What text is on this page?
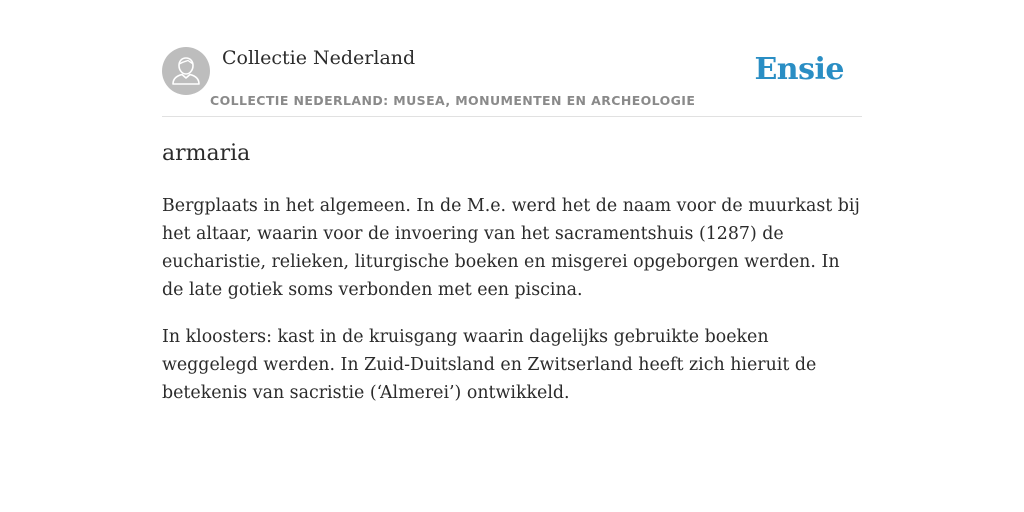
Collectie Nederland
COLLECTIE NEDERLAND: MUSEA, MONUMENTEN EN ARCHEOLOGIE
Ensie
armaria

Bergplaats in het algemeen. In de M.e. werd het de naam voor de muurkast bij het altaar, waarin voor de invoering van het sacramentshuis (1287) de eucharistie, relieken, liturgische boeken en misgerei opgeborgen werden. In de late gotiek soms verbonden met een piscina.

In kloosters: kast in de kruisgang waarin dagelijks gebruikte boeken weggelegd werden. In Zuid-Duitsland en Zwitserland heeft zich hieruit de betekenis van sacristie (‘Almerei’) ontwikkeld.
